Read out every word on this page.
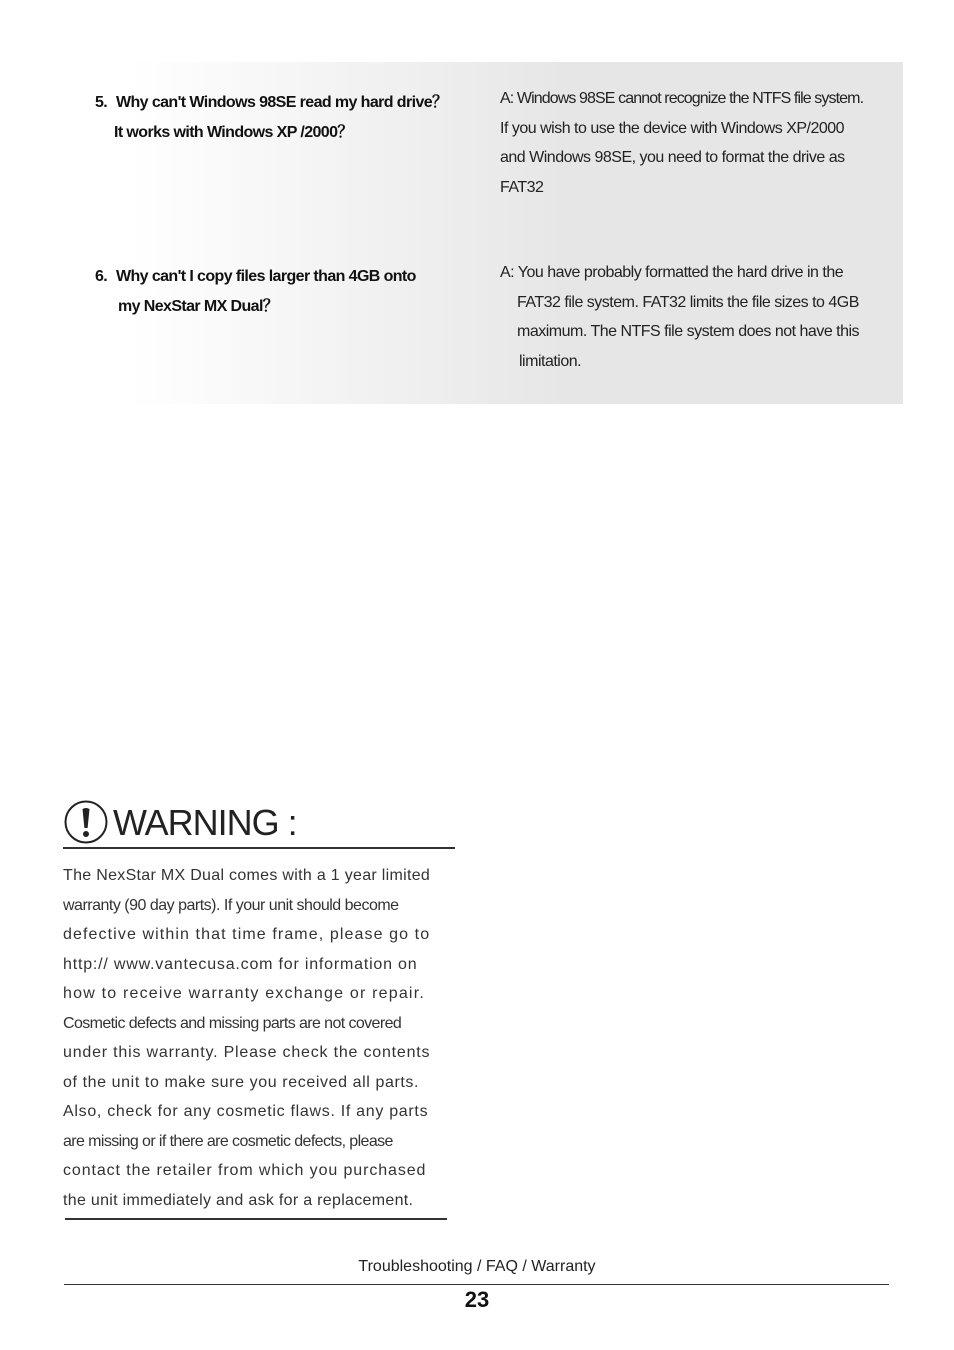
5. Why can't Windows 98SE read my hard drive？
It works with Windows XP /2000？
A: Windows 98SE cannot recognize the NTFS file system.
If you wish to use the device with Windows XP/2000
and Windows 98SE, you need to format the drive as
FAT32
6. Why can't I copy files larger than 4GB onto
my NexStar MX Dual？
A: You have probably formatted the hard drive in the
FAT32 file system. FAT32 limits the file sizes to 4GB
maximum. The NTFS file system does not have this
limitation.
WARNING :
The NexStar MX Dual comes with a 1 year limited
warranty (90 day parts). If your unit should become
defective within that time frame, please go to
http:// www.vantecusa.com for information on
how to receive warranty exchange or repair.
Cosmetic defects and missing parts are not covered
under this warranty. Please check the contents
of the unit to make sure you received all parts.
Also, check for any cosmetic flaws. If any parts
are missing or if there are cosmetic defects, please
contact the retailer from which you purchased
the unit immediately and ask for a replacement.
Troubleshooting / FAQ / Warranty
23
